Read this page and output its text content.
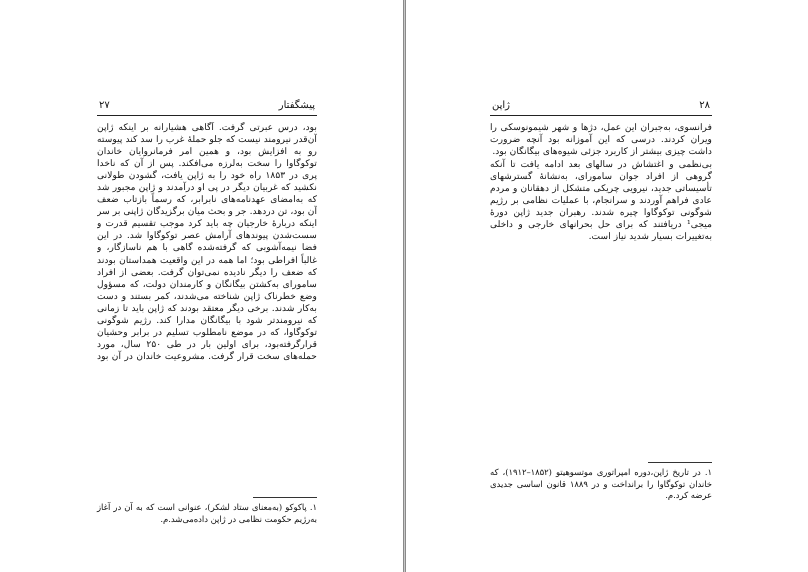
۲۷	پیشگفتار

بود، درس عبرتی گرفت. آگاهی هشیارانه بر اینکه ژاپن آن‌قدر نیرومند نیست که جلو حملهٔ غرب را سد کند پیوسته رو به افزایش بود، و همین امر فرمانروایان خاندان توکوگاوا را سخت به‌لرزه می‌افکند. پس از آن که ناخدا پری در ۱۸۵۳ راه خود را به ژاپن یافت، گشودن طولانی نکشید که غربیان دیگر در پی او درآمدند و ژاپن مجبور شد که به‌امضای عهدنامه‌های نابرابر، که رسماً بازتاب ضعف آن بود، تن دردهد. جر و بحث میان برگزیدگان ژاپنی بر سر اینکه دربارهٔ خارجیان چه باید کرد موجب تقسیم قدرت و سست‌شدن پیوندهای آرامش عصر توکوگاوا شد. در این فضا نیمه‌آشوبی که گرفته‌شده گاهی با هم ناسازگار، و غالباً افراطی بود؛ اما همه در این واقعیت همداستان بودند که ضعف را دیگر نادیده نمی‌توان گرفت. بعضی از افراد سامورای به‌کشتن بیگانگان و کارمندان دولت، که مسؤول وضع خطرناک ژاپن شناخته می‌شدند، کمر بستند و دست به‌کار شدند. برخی دیگر معتقد بودند که ژاپن باید تا زمانی که نیرومندتر شود با بیگانگان مدارا کند. رژیم شوگونی توکوگاوا، که در موضع نامطلوب تسلیم در برابر وحشیان قرارگرفته‌بود، برای اولین بار در طی ۲۵۰ سال، مورد حمله‌های سخت قرار گرفت. مشروعیت خاندان در آن بود

۱. پاکوکو (به‌معنای ستاد لشکر)، عنوانی است که به آن در آغاز به‌رژیم حکومت نظامی در ژاپن داده‌می‌شد.م.

ژاپن	۲۸

فرانسوی، به‌جبران این عمل، دژها و شهر شیمونوسکی را ویران کردند. درسی که این آموزانه بود آنچه ضرورت داشت چیزی بیشتر از کاربرد جزئی شیوه‌های بیگانگان بود.

بی‌نظمی و اغتشاش در سالهای بعد ادامه یافت تا آنکه گروهی از افراد جوان سامورای، به‌نشانهٔ گسترشهای تأسیساتی جدید، نیرویی چریکی متشکل از دهقانان و مردم عادی فراهم آوردند و سرانجام، با عملیات نظامی بر رژیم شوگونی توکوگاوا چیره شدند. رهبران جدید ژاپن دورهٔ میجی¹ دریافتند که برای حل بحرانهای خارجی و داخلی به‌تغییرات بسیار شدید نیاز است.

۱. در تاریخ ژاپن،دوره امپراتوری موتسوهیتو (۱۸۵۲–۱۹۱۲)، که خاندان توکوگاوا را برانداخت و در ۱۸۸۹ قانون اساسی جدیدی عرضه کرد.م.
